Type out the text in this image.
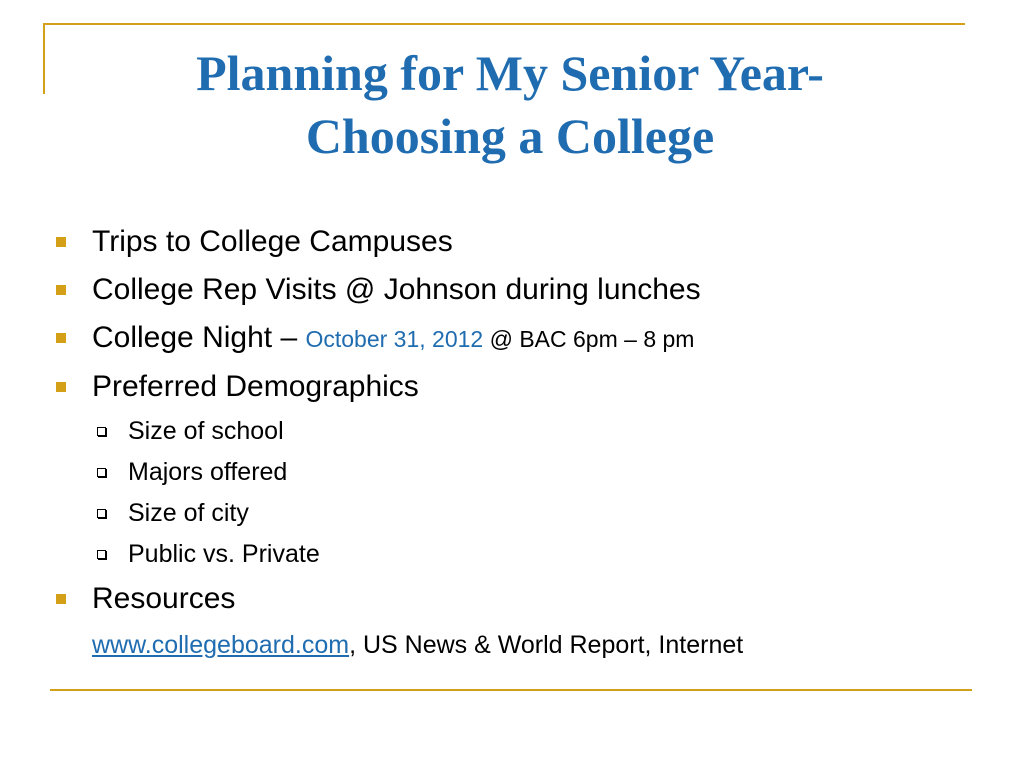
Planning for My Senior Year-
Choosing a College
Trips to College Campuses
College Rep Visits @ Johnson during lunches
College Night – October 31, 2012 @ BAC 6pm – 8 pm
Preferred Demographics
Size of school
Majors offered
Size of city
Public vs. Private
Resources
www.collegeboard.com, US News & World Report, Internet
